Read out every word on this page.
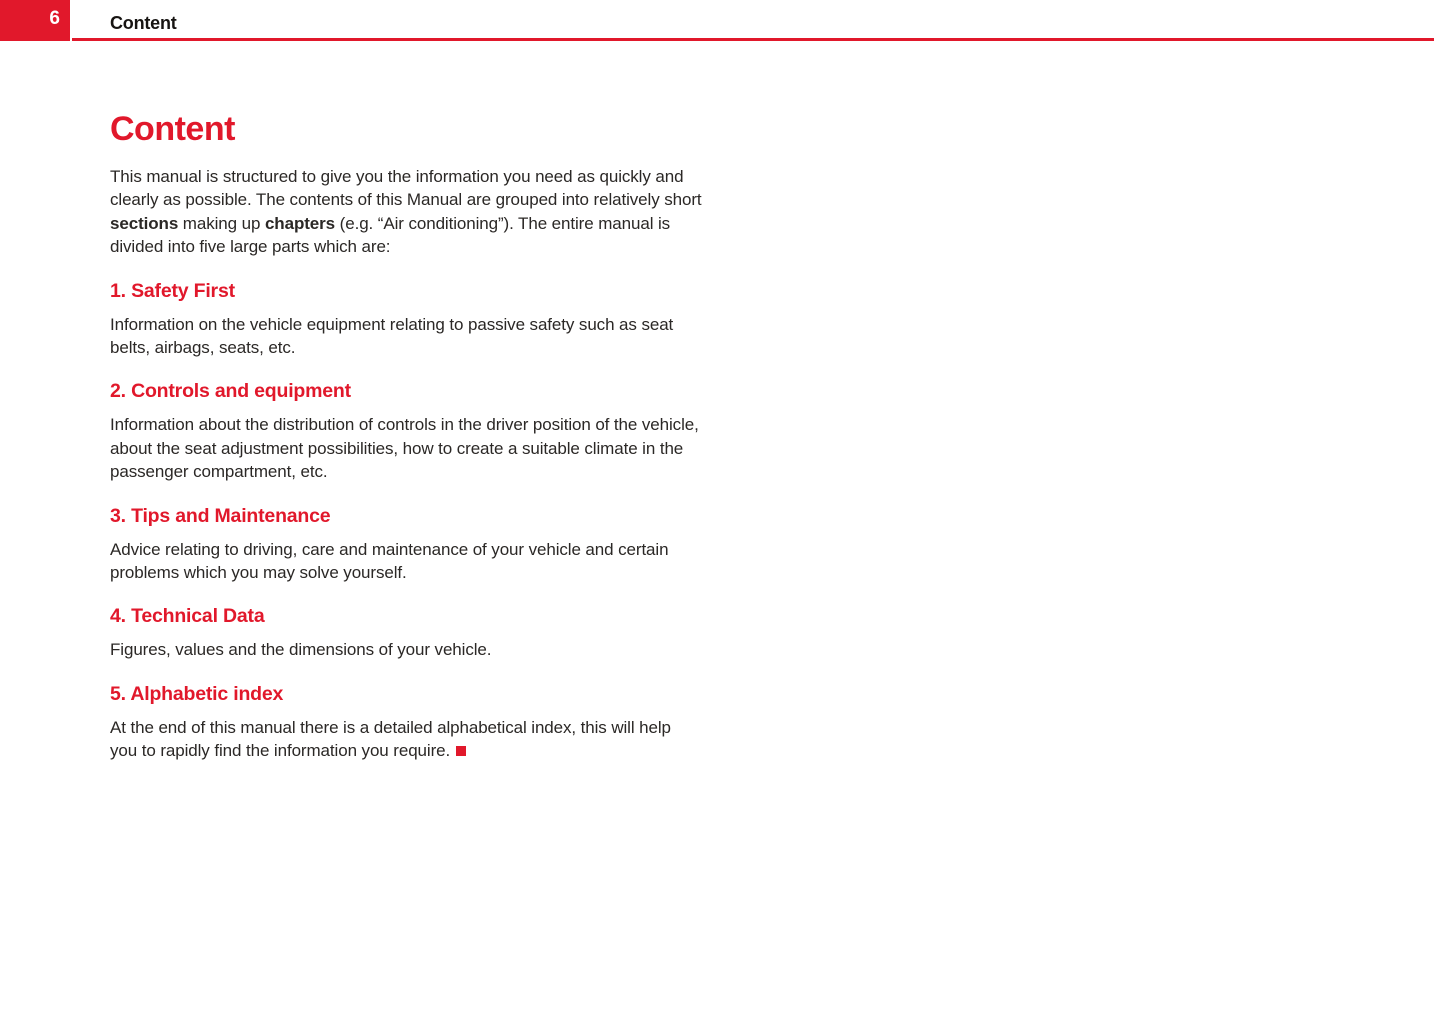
6	Content
Content

This manual is structured to give you the information you need as quickly and clearly as possible. The contents of this Manual are grouped into relatively short sections making up chapters (e.g. “Air conditioning”). The entire manual is divided into five large parts which are:

1. Safety First

Information on the vehicle equipment relating to passive safety such as seat belts, airbags, seats, etc.

2. Controls and equipment

Information about the distribution of controls in the driver position of the vehicle, about the seat adjustment possibilities, how to create a suitable climate in the passenger compartment, etc.

3. Tips and Maintenance

Advice relating to driving, care and maintenance of your vehicle and certain problems which you may solve yourself.

4. Technical Data

Figures, values and the dimensions of your vehicle.

5. Alphabetic index

At the end of this manual there is a detailed alphabetical index, this will help you to rapidly find the information you require.
